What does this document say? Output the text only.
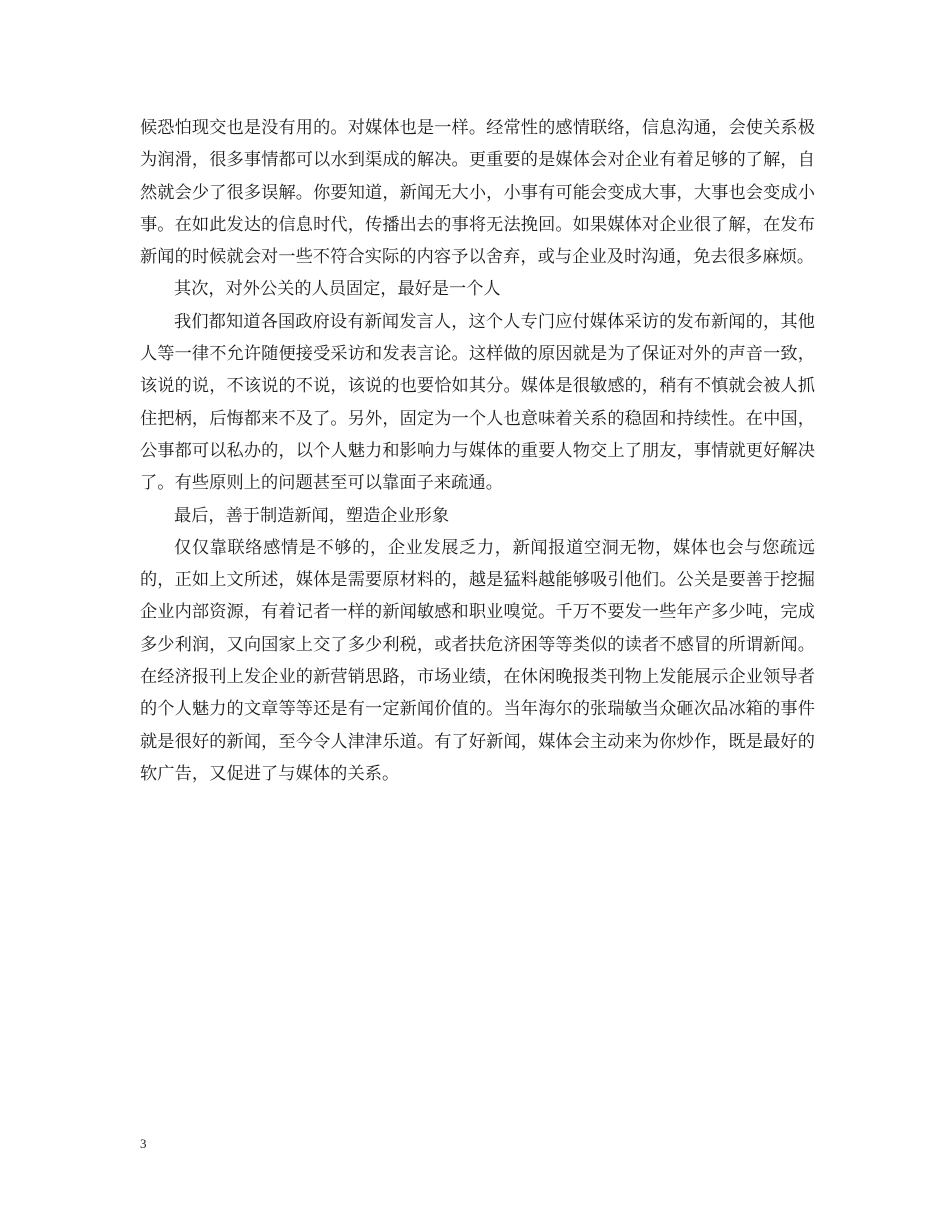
候恐怕现交也是没有用的。对媒体也是一样。经常性的感情联络，信息沟通，会使关系极为润滑，很多事情都可以水到渠成的解决。更重要的是媒体会对企业有着足够的了解，自然就会少了很多误解。你要知道，新闻无大小，小事有可能会变成大事，大事也会变成小事。在如此发达的信息时代，传播出去的事将无法挽回。如果媒体对企业很了解，在发布新闻的时候就会对一些不符合实际的内容予以舍弃，或与企业及时沟通，免去很多麻烦。

其次，对外公关的人员固定，最好是一个人

我们都知道各国政府设有新闻发言人，这个人专门应付媒体采访的发布新闻的，其他人等一律不允许随便接受采访和发表言论。这样做的原因就是为了保证对外的声音一致，该说的说，不该说的不说，该说的也要恰如其分。媒体是很敏感的，稍有不慎就会被人抓住把柄，后悔都来不及了。另外，固定为一个人也意味着关系的稳固和持续性。在中国，公事都可以私办的，以个人魅力和影响力与媒体的重要人物交上了朋友，事情就更好解决了。有些原则上的问题甚至可以靠面子来疏通。

最后，善于制造新闻，塑造企业形象

仅仅靠联络感情是不够的，企业发展乏力，新闻报道空洞无物，媒体也会与您疏远的，正如上文所述，媒体是需要原材料的，越是猛料越能够吸引他们。公关是要善于挖掘企业内部资源，有着记者一样的新闻敏感和职业嗅觉。千万不要发一些年产多少吨，完成多少利润，又向国家上交了多少利税，或者扶危济困等等类似的读者不感冒的所谓新闻。在经济报刊上发企业的新营销思路，市场业绩，在休闲晚报类刊物上发能展示企业领导者的个人魅力的文章等等还是有一定新闻价值的。当年海尔的张瑞敏当众砸次品冰箱的事件就是很好的新闻，至今令人津津乐道。有了好新闻，媒体会主动来为你炒作，既是最好的软广告，又促进了与媒体的关系。

3
